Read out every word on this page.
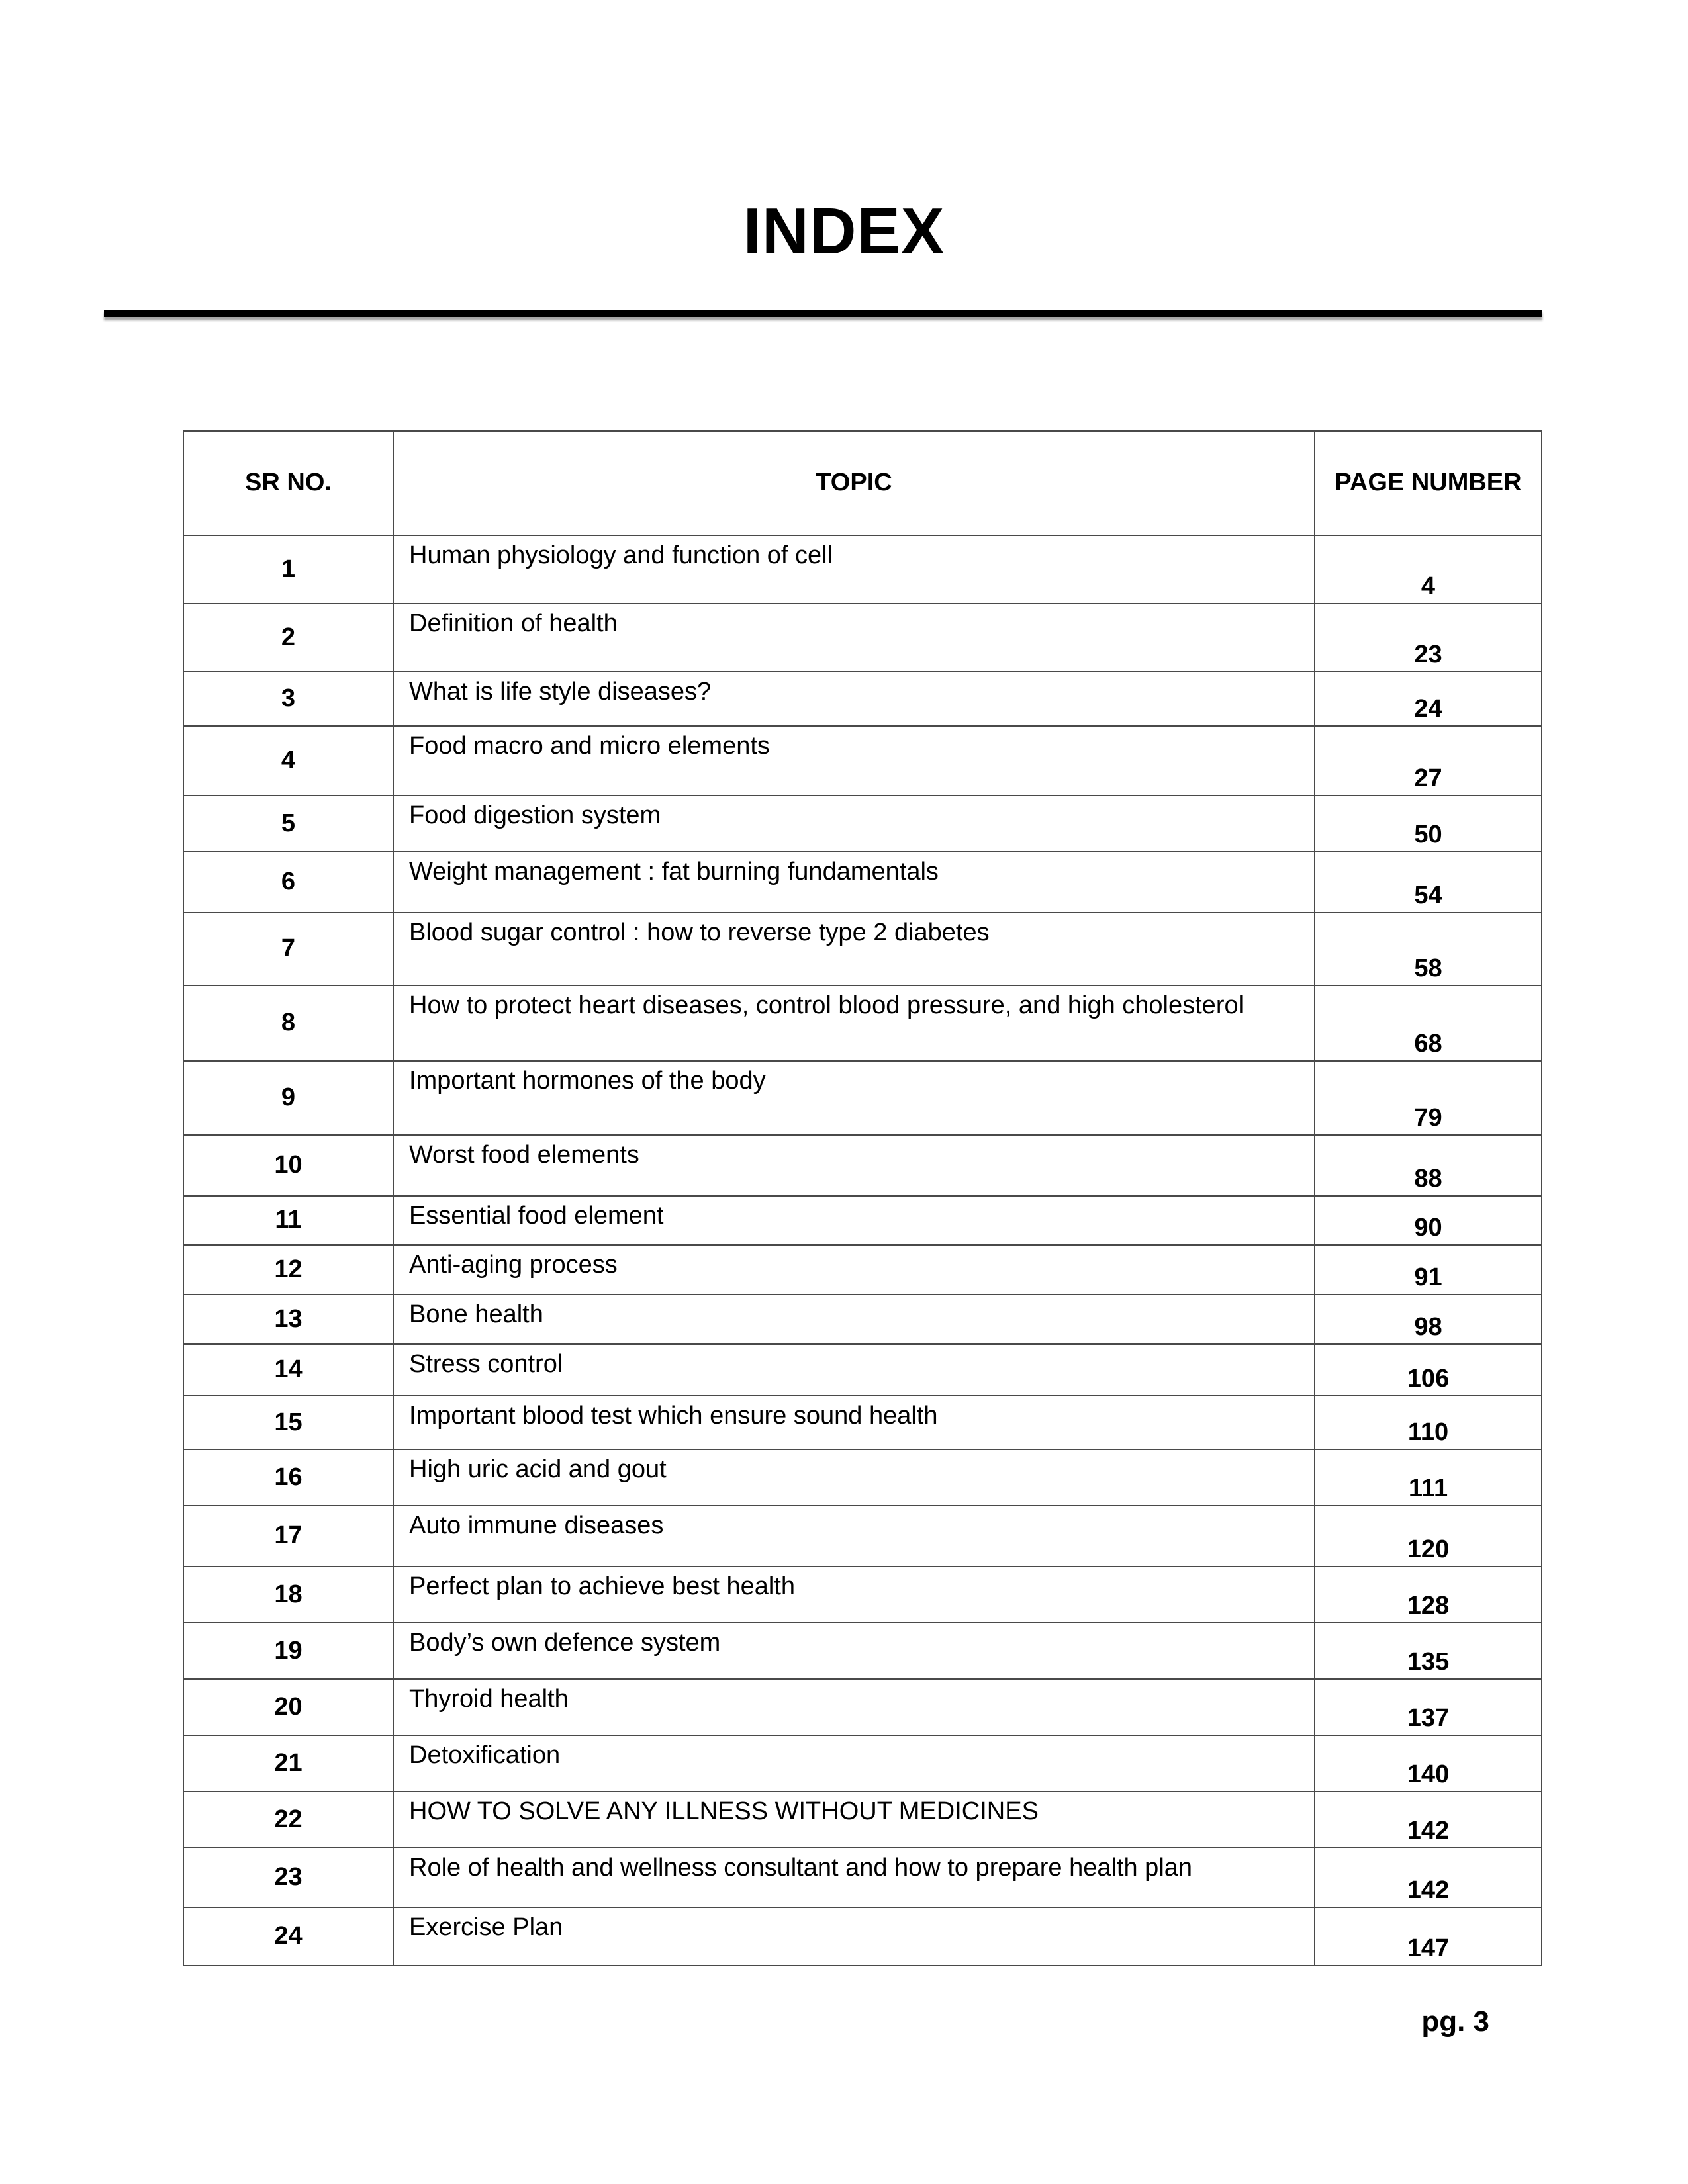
INDEX
SR NO.	TOPIC	PAGE NUMBER
1	Human physiology and function of cell	4
2	Definition of health	23
3	What is life style diseases?	24
4	Food macro and micro elements	27
5	Food digestion system	50
6	Weight management : fat burning fundamentals	54
7	Blood sugar control : how to reverse type 2 diabetes	58
8	How to protect heart diseases, control blood pressure, and high cholesterol	68
9	Important hormones of the body	79
10	Worst food elements	88
11	Essential food element	90
12	Anti-aging process	91
13	Bone health	98
14	Stress control	106
15	Important blood test which ensure sound health	110
16	High uric acid and gout	111
17	Auto immune diseases	120
18	Perfect plan to achieve best health	128
19	Body’s own defence system	135
20	Thyroid health	137
21	Detoxification	140
22	HOW TO SOLVE ANY ILLNESS WITHOUT MEDICINES	142
23	Role of health and wellness consultant and how to prepare health plan	142
24	Exercise Plan	147
pg. 3
